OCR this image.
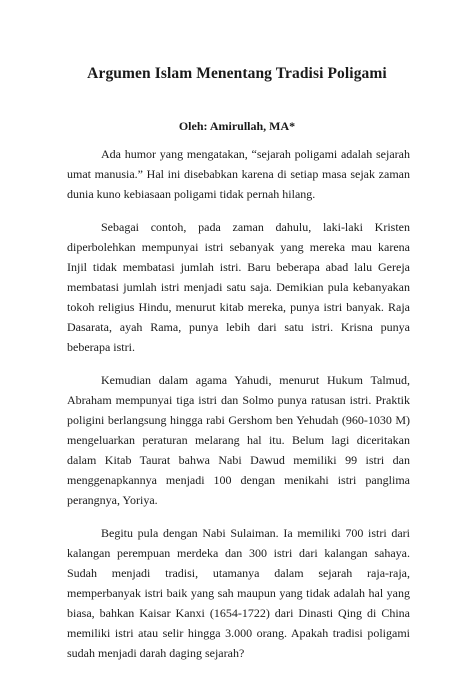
Argumen Islam Menentang Tradisi Poligami

Oleh: Amirullah, MA*

Ada humor yang mengatakan, “sejarah poligami adalah sejarah umat manusia.” Hal ini disebabkan karena di setiap masa sejak zaman dunia kuno kebiasaan poligami tidak pernah hilang.

Sebagai contoh, pada zaman dahulu, laki-laki Kristen diperbolehkan mempunyai istri sebanyak yang mereka mau karena Injil tidak membatasi jumlah istri. Baru beberapa abad lalu Gereja membatasi jumlah istri menjadi satu saja. Demikian pula kebanyakan tokoh religius Hindu, menurut kitab mereka, punya istri banyak. Raja Dasarata, ayah Rama, punya lebih dari satu istri. Krisna punya beberapa istri.

Kemudian dalam agama Yahudi, menurut Hukum Talmud, Abraham mempunyai tiga istri dan Solmo punya ratusan istri. Praktik poligini berlangsung hingga rabi Gershom ben Yehudah (960-1030 M) mengeluarkan peraturan melarang hal itu. Belum lagi diceritakan dalam Kitab Taurat bahwa Nabi Dawud memiliki 99 istri dan menggenapkannya menjadi 100 dengan menikahi istri panglima perangnya, Yoriya.

Begitu pula dengan Nabi Sulaiman. Ia memiliki 700 istri dari kalangan perempuan merdeka dan 300 istri dari kalangan sahaya. Sudah menjadi tradisi, utamanya dalam sejarah raja-raja, memperbanyak istri baik yang sah maupun yang tidak adalah hal yang biasa, bahkan Kaisar Kanxi (1654-1722) dari Dinasti Qing di China memiliki istri atau selir hingga 3.000 orang. Apakah tradisi poligami sudah menjadi darah daging sejarah?
